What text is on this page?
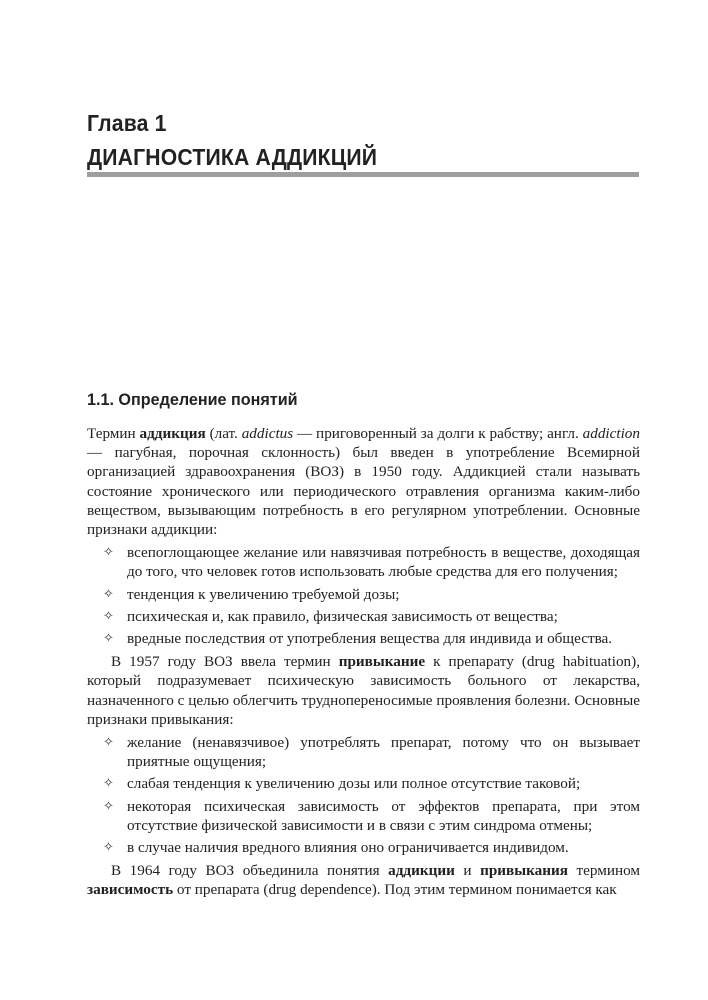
Глава 1
ДИАГНОСТИКА АДДИКЦИЙ
1.1. Определение понятий

Термин аддикция (лат. addictus — приговоренный за долги к рабству; англ. addiction — пагубная, порочная склонность) был введен в употребление Всемирной организацией здравоохранения (ВОЗ) в 1950 году. Аддикцией стали называть состояние хронического или периодического отравления организма каким-либо веществом, вызывающим потребность в его регулярном употреблении. Основные признаки аддикции:

✧ всепоглощающее желание или навязчивая потребность в веществе, доходящая до того, что человек готов использовать любые средства для его получения;
✧ тенденция к увеличению требуемой дозы;
✧ психическая и, как правило, физическая зависимость от вещества;
✧ вредные последствия от употребления вещества для индивида и общества.

В 1957 году ВОЗ ввела термин привыкание к препарату (drug habituation), который подразумевает психическую зависимость больного от лекарства, назначенного с целью облегчить труднопереносимые проявления болезни. Основные признаки привыкания:

✧ желание (ненавязчивое) употреблять препарат, потому что он вызывает приятные ощущения;
✧ слабая тенденция к увеличению дозы или полное отсутствие таковой;
✧ некоторая психическая зависимость от эффектов препарата, при этом отсутствие физической зависимости и в связи с этим синдрома отмены;
✧ в случае наличия вредного влияния оно ограничивается индивидом.

В 1964 году ВОЗ объединила понятия аддикции и привыкания термином зависимость от препарата (drug dependence). Под этим термином понимается как
